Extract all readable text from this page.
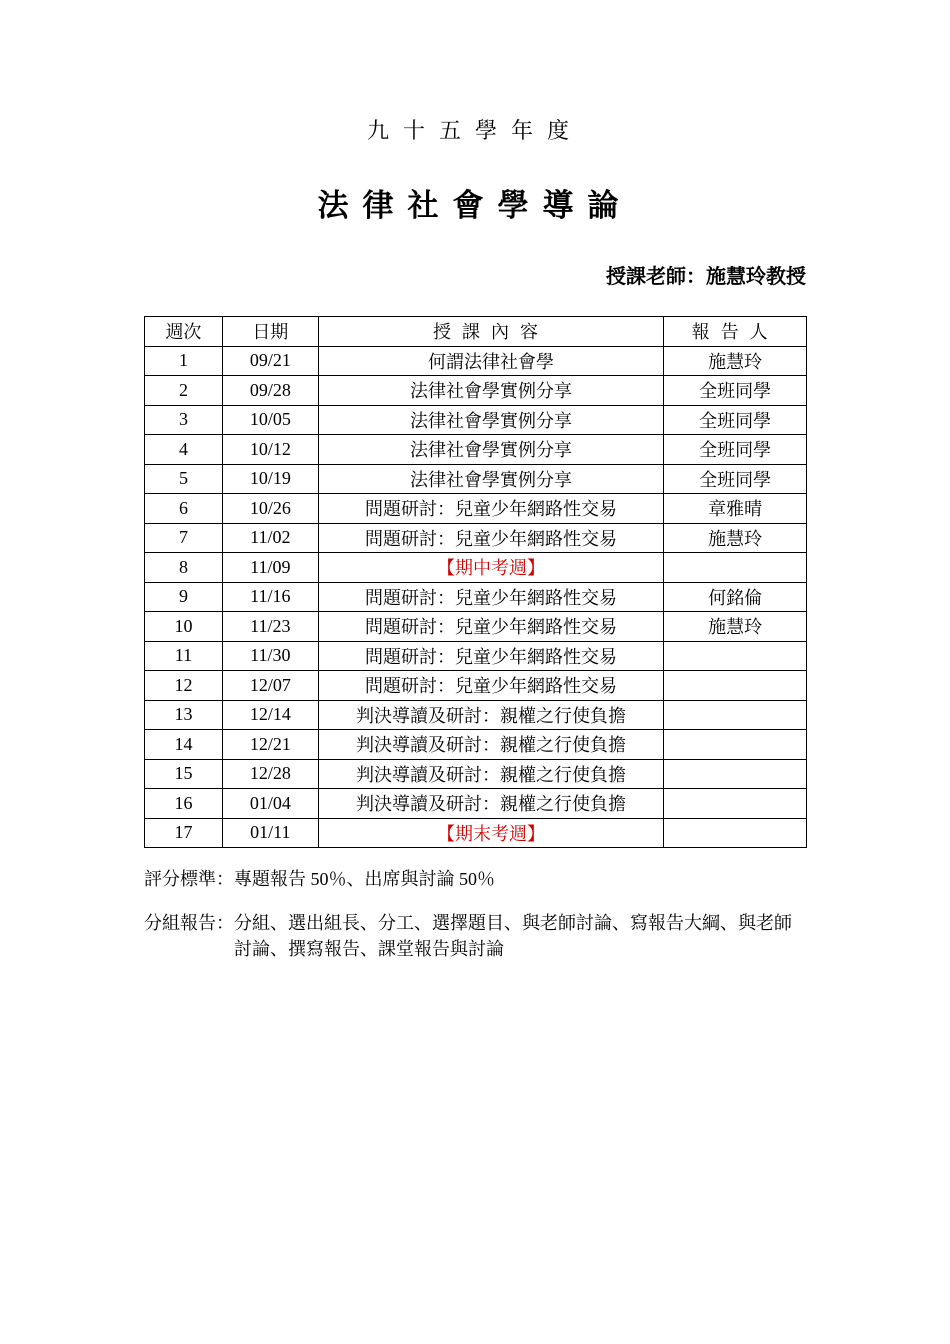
九十五學年度
法律社會學導論
授課老師：施慧玲教授
週次	日期	授課內容	報告人
1	09/21	何謂法律社會學	施慧玲
2	09/28	法律社會學實例分享	全班同學
3	10/05	法律社會學實例分享	全班同學
4	10/12	法律社會學實例分享	全班同學
5	10/19	法律社會學實例分享	全班同學
6	10/26	問題研討：兒童少年網路性交易	章雅晴
7	11/02	問題研討：兒童少年網路性交易	施慧玲
8	11/09	【期中考週】	
9	11/16	問題研討：兒童少年網路性交易	何銘倫
10	11/23	問題研討：兒童少年網路性交易	施慧玲
11	11/30	問題研討：兒童少年網路性交易	
12	12/07	問題研討：兒童少年網路性交易	
13	12/14	判決導讀及研討：親權之行使負擔	
14	12/21	判決導讀及研討：親權之行使負擔	
15	12/28	判決導讀及研討：親權之行使負擔	
16	01/04	判決導讀及研討：親權之行使負擔	
17	01/11	【期末考週】	
評分標準： 專題報告 50％、出席與討論 50％
分組報告： 分組、選出組長、分工、選擇題目、與老師討論、寫報告大綱、與老師討論、撰寫報告、課堂報告與討論
